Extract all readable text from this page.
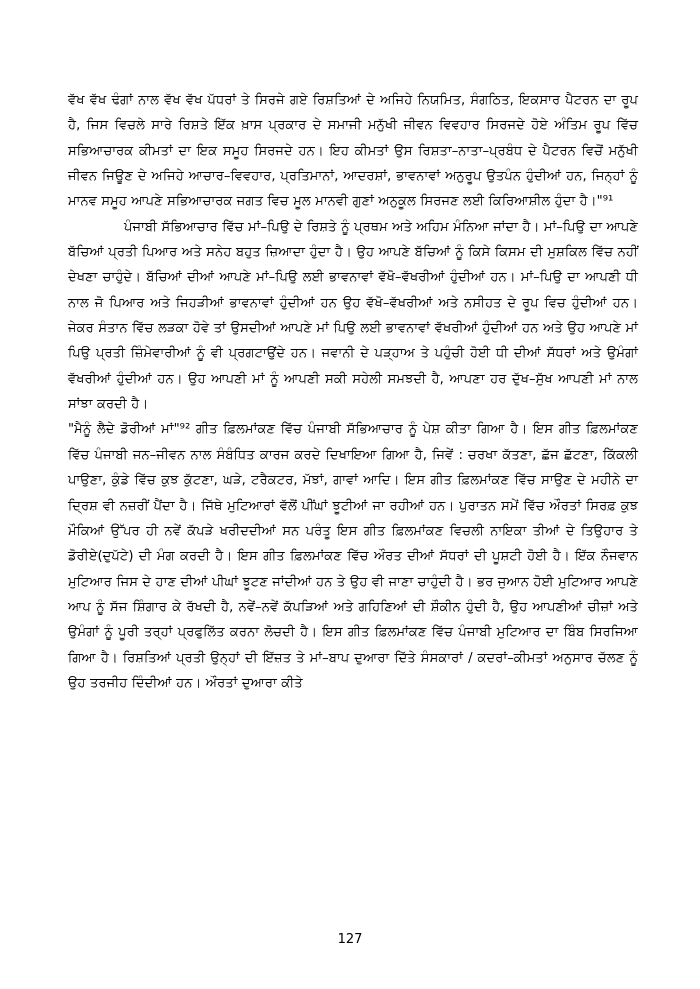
ਵੱਖ ਵੱਖ ਢੰਗਾਂ ਨਾਲ ਵੱਖ ਵੱਖ ਪੱਧਰਾਂ ਤੇ ਸਿਰਜੇ ਗਏ ਰਿਸ਼ਤਿਆਂ ਦੇ ਅਜਿਹੇ ਨਿਯਮਿਤ, ਸੰਗਠਿਤ, ਇਕਸਾਰ ਪੈਟਰਨ ਦਾ ਰੂਪ ਹੈ, ਜਿਸ ਵਿਚਲੇ ਸਾਰੇ ਰਿਸ਼ਤੇ ਇੱਕ ਖ਼ਾਸ ਪ੍ਰਕਾਰ ਦੇ ਸਮਾਜੀ ਮਨੁੱਖੀ ਜੀਵਨ ਵਿਵਹਾਰ ਸਿਰਜਦੇ ਹੋਏ ਅੰਤਿਮ ਰੂਪ ਵਿੱਚ ਸਭਿਆਚਾਰਕ ਕੀਮਤਾਂ ਦਾ ਇਕ ਸਮੂਹ ਸਿਰਜਦੇ ਹਨ। ਇਹ ਕੀਮਤਾਂ ਉਸ ਰਿਸ਼ਤਾ–ਨਾਤਾ–ਪ੍ਰਬੰਧ ਦੇ ਪੈਟਰਨ ਵਿਚੋਂ ਮਨੁੱਖੀ ਜੀਵਨ ਜਿਊਣ ਦੇ ਅਜਿਹੇ ਆਚਾਰ–ਵਿਵਹਾਰ, ਪ੍ਰਤਿਮਾਨਾਂ, ਆਦਰਸ਼ਾਂ, ਭਾਵਨਾਵਾਂ ਅਨੁਰੂਪ ਉਤਪੰਨ ਹੁੰਦੀਆਂ ਹਨ, ਜਿਨ੍ਹਾਂ ਨੂੰ ਮਾਨਵ ਸਮੂਹ ਆਪਣੇ ਸਭਿਆਚਾਰਕ ਜਗਤ ਵਿਚ ਮੂਲ ਮਾਨਵੀ ਗੁਣਾਂ ਅਨੁਕੂਲ ਸਿਰਜਣ ਲਈ ਕਿਰਿਆਸ਼ੀਲ ਹੁੰਦਾ ਹੈ।"⁹¹

ਪੰਜਾਬੀ ਸੱਭਿਆਚਾਰ ਵਿੱਚ ਮਾਂ–ਪਿਉ ਦੇ ਰਿਸ਼ਤੇ ਨੂੰ ਪ੍ਰਥਮ ਅਤੇ ਅਹਿਮ ਮੰਨਿਆ ਜਾਂਦਾ ਹੈ। ਮਾਂ–ਪਿਉ ਦਾ ਆਪਣੇ ਬੱਚਿਆਂ ਪ੍ਰਤੀ ਪਿਆਰ ਅਤੇ ਸਨੇਹ ਬਹੁਤ ਜ਼ਿਆਦਾ ਹੁੰਦਾ ਹੈ। ਉਹ ਆਪਣੇ ਬੱਚਿਆਂ ਨੂੰ ਕਿਸੇ ਕਿਸਮ ਦੀ ਮੁਸ਼ਕਿਲ ਵਿੱਚ ਨਹੀਂ ਦੇਖਣਾ ਚਾਹੁੰਦੇ। ਬੱਚਿਆਂ ਦੀਆਂ ਆਪਣੇ ਮਾਂ–ਪਿਉ ਲਈ ਭਾਵਨਾਵਾਂ ਵੱਖੋ–ਵੱਖਰੀਆਂ ਹੁੰਦੀਆਂ ਹਨ। ਮਾਂ–ਪਿਉ ਦਾ ਆਪਣੀ ਧੀ ਨਾਲ ਜੋ ਪਿਆਰ ਅਤੇ ਜਿਹੜੀਆਂ ਭਾਵਨਾਵਾਂ ਹੁੰਦੀਆਂ ਹਨ ਉਹ ਵੱਖੋ–ਵੱਖਰੀਆਂ ਅਤੇ ਨਸੀਹਤ ਦੇ ਰੂਪ ਵਿਚ ਹੁੰਦੀਆਂ ਹਨ। ਜੇਕਰ ਸੰਤਾਨ ਵਿੱਚ ਲੜਕਾ ਹੋਵੇ ਤਾਂ ਉਸਦੀਆਂ ਆਪਣੇ ਮਾਂ ਪਿਉ ਲਈ ਭਾਵਨਾਵਾਂ ਵੱਖਰੀਆਂ ਹੁੰਦੀਆਂ ਹਨ ਅਤੇ ਉਹ ਆਪਣੇ ਮਾਂ ਪਿਉ ਪ੍ਰਤੀ ਜ਼ਿੰਮੇਵਾਰੀਆਂ ਨੂੰ ਵੀ ਪ੍ਰਗਟਾਉਂਦੇ ਹਨ। ਜਵਾਨੀ ਦੇ ਪੜ੍ਹਾਅ ਤੇ ਪਹੁੰਚੀ ਹੋਈ ਧੀ ਦੀਆਂ ਸੱਧਰਾਂ ਅਤੇ ਉਮੰਗਾਂ ਵੱਖਰੀਆਂ ਹੁੰਦੀਆਂ ਹਨ। ਉਹ ਆਪਣੀ ਮਾਂ ਨੂੰ ਆਪਣੀ ਸਕੀ ਸਹੇਲੀ ਸਮਝਦੀ ਹੈ, ਆਪਣਾ ਹਰ ਦੁੱਖ–ਸੁੱਖ ਆਪਣੀ ਮਾਂ ਨਾਲ ਸਾਂਝਾ ਕਰਦੀ ਹੈ।

"ਮੈਨੂੰ ਲੈਦੇ ਡੋਰੀਆਂ ਮਾਂ"⁹² ਗੀਤ ਫ਼ਿਲਮਾਂਕਣ ਵਿੱਚ ਪੰਜਾਬੀ ਸੱਭਿਆਚਾਰ ਨੂੰ ਪੇਸ਼ ਕੀਤਾ ਗਿਆ ਹੈ। ਇਸ ਗੀਤ ਫ਼ਿਲਮਾਂਕਣ ਵਿੱਚ ਪੰਜਾਬੀ ਜਨ–ਜੀਵਨ ਨਾਲ ਸੰਬੰਧਿਤ ਕਾਰਜ ਕਰਦੇ ਦਿਖਾਇਆ ਗਿਆ ਹੈ, ਜਿਵੇਂ : ਚਰਖਾ ਕੱਤਣਾ, ਛੱਜ ਛੱਟਣਾ, ਕਿੱਕਲੀ ਪਾਉਣਾ, ਕੁੰਡੇ ਵਿੱਚ ਕੁਝ ਕੁੱਟਣਾ, ਘੜੇ, ਟਰੈਕਟਰ, ਮੱਝਾਂ, ਗਾਵਾਂ ਆਦਿ। ਇਸ ਗੀਤ ਫ਼ਿਲਮਾਂਕਣ ਵਿੱਚ ਸਾਉਣ ਦੇ ਮਹੀਨੇ ਦਾ ਦ੍ਰਿਸ਼ ਵੀ ਨਜ਼ਰੀਂ ਪੈਂਦਾ ਹੈ। ਜਿੱਥੇ ਮੁਟਿਆਰਾਂ ਵੱਲੋਂ ਪੀਂਘਾਂ ਝੂਟੀਆਂ ਜਾ ਰਹੀਆਂ ਹਨ। ਪੁਰਾਤਨ ਸਮੇਂ ਵਿੱਚ ਔਰਤਾਂ ਸਿਰਫ਼ ਕੁਝ ਮੌਕਿਆਂ ਉੱਪਰ ਹੀ ਨਵੇਂ ਕੱਪੜੇ ਖਰੀਦਦੀਆਂ ਸਨ ਪਰੰਤੂ ਇਸ ਗੀਤ ਫ਼ਿਲਮਾਂਕਣ ਵਿਚਲੀ ਨਾਇਕਾ ਤੀਆਂ ਦੇ ਤਿਉਹਾਰ ਤੇ ਡੋਰੀਏ(ਦੁਪੱਟੇ) ਦੀ ਮੰਗ ਕਰਦੀ ਹੈ। ਇਸ ਗੀਤ ਫ਼ਿਲਮਾਂਕਣ ਵਿੱਚ ਔਰਤ ਦੀਆਂ ਸੱਧਰਾਂ ਦੀ ਪੂਸ਼ਟੀ ਹੋਈ ਹੈ। ਇੱਕ ਨੌਜਵਾਨ ਮੁਟਿਆਰ ਜਿਸ ਦੇ ਹਾਣ ਦੀਆਂ ਪੀਘਾਂ ਝੂਟਣ ਜਾਂਦੀਆਂ ਹਨ ਤੇ ਉਹ ਵੀ ਜਾਣਾ ਚਾਹੁੰਦੀ ਹੈ। ਭਰ ਜੁਆਨ ਹੋਈ ਮੁਟਿਆਰ ਆਪਣੇ ਆਪ ਨੂੰ ਸੱਜ ਸ਼ਿੰਗਾਰ ਕੇ ਰੱਖਦੀ ਹੈ, ਨਵੇਂ–ਨਵੇਂ ਕੱਪੜਿਆਂ ਅਤੇ ਗਹਿਣਿਆਂ ਦੀ ਸ਼ੌਕੀਨ ਹੁੰਦੀ ਹੈ, ਉਹ ਆਪਣੀਆਂ ਚੀਜ਼ਾਂ ਅਤੇ ਉਮੰਗਾਂ ਨੂੰ ਪੂਰੀ ਤਰ੍ਹਾਂ ਪ੍ਰਫੁਲਿੱਤ ਕਰਨਾ ਲੋਚਦੀ ਹੈ। ਇਸ ਗੀਤ ਫ਼ਿਲਮਾਂਕਣ ਵਿੱਚ ਪੰਜਾਬੀ ਮੁਟਿਆਰ ਦਾ ਬਿੰਬ ਸਿਰਜਿਆ ਗਿਆ ਹੈ। ਰਿਸ਼ਤਿਆਂ ਪ੍ਰਤੀ ਉਨ੍ਹਾਂ ਦੀ ਇੱਜ਼ਤ ਤੇ ਮਾਂ–ਬਾਪ ਦੁਆਰਾ ਦਿੱਤੇ ਸੰਸਕਾਰਾਂ / ਕਦਰਾਂ–ਕੀਮਤਾਂ ਅਨੁਸਾਰ ਚੱਲਣ ਨੂੰ ਉਹ ਤਰਜੀਹ ਦਿੰਦੀਆਂ ਹਨ। ਔਰਤਾਂ ਦੁਆਰਾ ਕੀਤੇ

127
